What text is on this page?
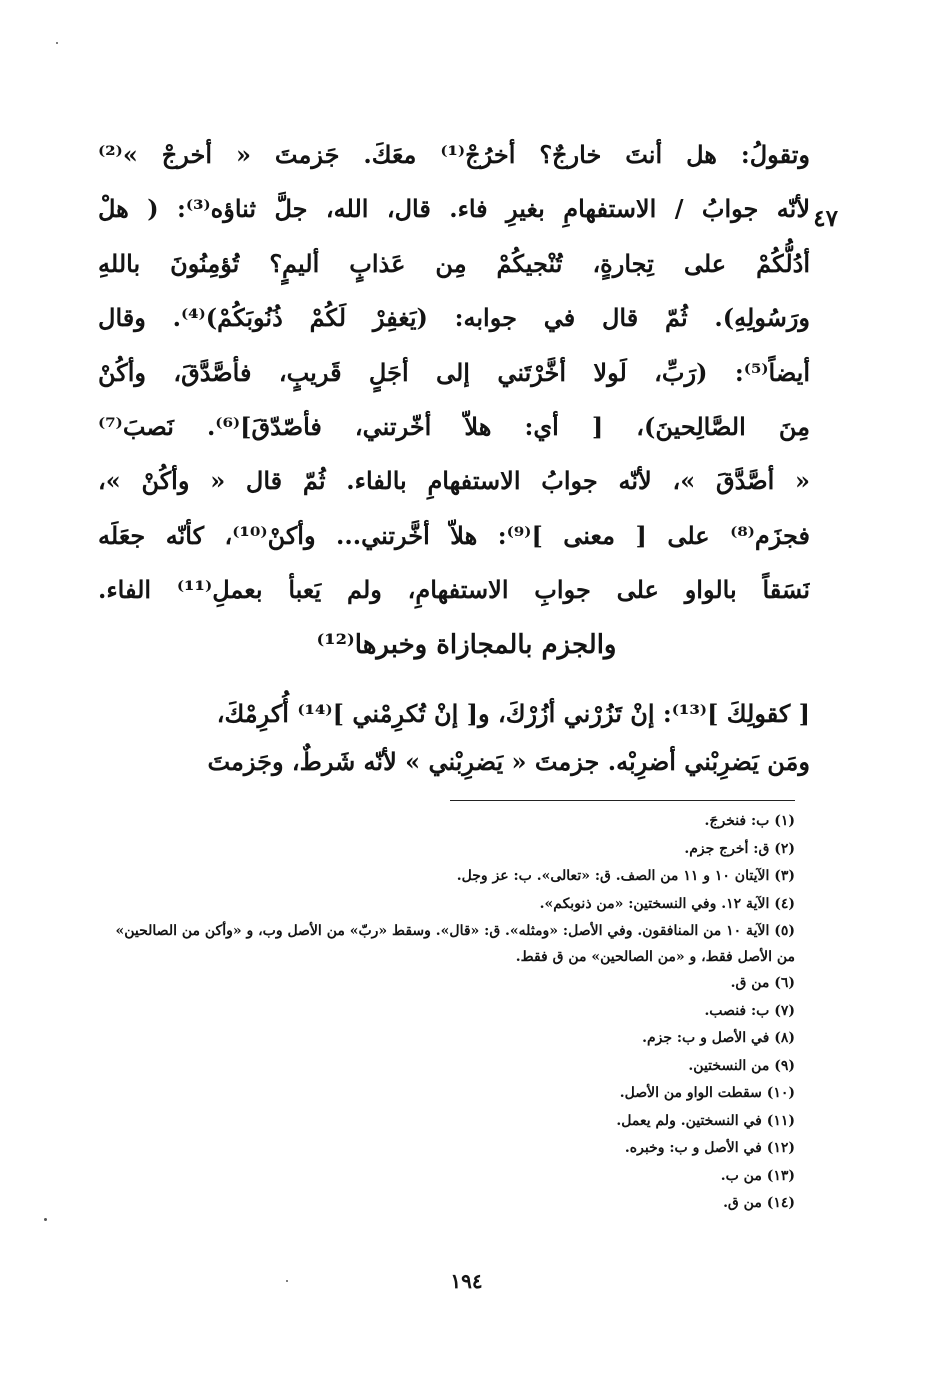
٤٧
وتقولُ: هل أنتَ خارجٌ؟ أخرُجْ⁽¹⁾ معَكَ. جَزمتَ « أخرجْ »⁽²⁾
لأنّه جوابُ / الاستفهامِ بغيرِ فاء. قال، الله، جلَّ ثناؤه⁽³⁾: ( هلْ
أدُلُّكُمْ على تِجارةٍ، تُنْجيكُمْ مِن عَذابٍ أليمٍ؟ تُؤمِنُونَ باللهِ
ورَسُولِهِ). ثُمّ قال في جوابه: (يَغفِرْ لَكُمْ ذُنُوبَكُمْ)⁽⁴⁾. وقال
أيضاً⁽⁵⁾: (رَبِّ، لَولا أخَّرْتَني إلى أجَلٍ قَريبٍ، فأصَّدَّقَ، وأكُنْ
مِنَ الصَّالِحينَ)، [ أي: هلاّ أخّرتني، فأصّدّقَ]⁽⁶⁾. نَصبَ⁽⁷⁾
« أصَّدَّقَ »، لأنّه جوابُ الاستفهامِ بالفاء. ثُمّ قال « وأكُنْ »،
فجزَم⁽⁸⁾ على [ معنى ]⁽⁹⁾: هلاّ أخَّرتني... وأكنْ⁽¹⁰⁾، كأنّه جعَلَه
نَسَقاً بالواو على جوابِ الاستفهامِ، ولم يَعبأ بعملِ⁽¹¹⁾ الفاء.
والجزم بالمجازاة وخبرها⁽¹²⁾
[ كقولِكَ ]⁽¹³⁾: إنْ تَزُرْني أزُرْكَ، و[ إنْ تُكرِمْني ]⁽¹⁴⁾ أُكرِمْكَ،
ومَن يَضرِبْني أضرِبْه. جزمتَ « يَضرِبْني » لأنّه شَرطٌ، وجَزمتَ
(١) ب: فنخرجَ.
(٢) ق: أخرج جزم.
(٣) الآيتان ١٠ و ١١ من الصف. ق: «تعالى». ب: عز وجل.
(٤) الآية ١٢. وفي النسختين: «من ذنوبكم».
(٥) الآية ١٠ من المنافقون. وفي الأصل: «ومثله». ق: «قال». وسقط «ربّ» من الأصل وب، و «وأكن من الصالحين» من الأصل فقط، و «من الصالحين» من ق فقط.
(٦) من ق.
(٧) ب: فنصب.
(٨) في الأصل و ب: جزم.
(٩) من النسختين.
(١٠) سقطت الواو من الأصل.
(١١) في النسختين. ولم يعمل.
(١٢) في الأصل و ب: وخبره.
(١٣) من ب.
(١٤) من ق.
١٩٤
